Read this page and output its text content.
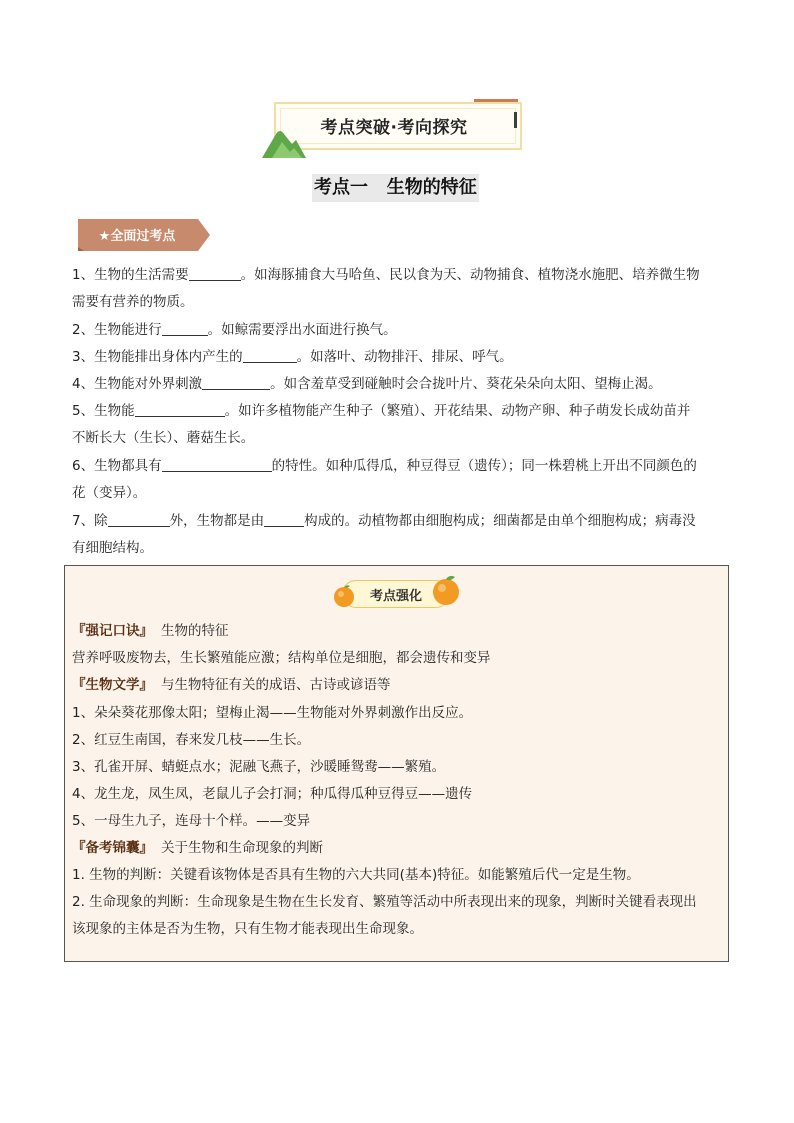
考点突破·考向探究
考点一   生物的特征
★全面过考点
1、生物的生活需要	。如海豚捕食大马哈鱼、民以食为天、动物捕食、植物浇水施肥、培养微生物
需要有营养的物质。
2、生物能进行	。如鲸需要浮出水面进行换气。
3、生物能排出身体内产生的	。如落叶、动物排汗、排尿、呼气。
4、生物能对外界刺激	。如含羞草受到碰触时会合拢叶片、葵花朵朵向太阳、望梅止渴。
5、生物能	。如许多植物能产生种子（繁殖）、开花结果、动物产卵、种子萌发长成幼苗并
不断长大（生长）、蘑菇生长。
6、生物都具有	的特性。如种瓜得瓜，种豆得豆（遗传）；同一株碧桃上开出不同颜色的
花（变异）。
7、除	外，生物都是由	构成的。动植物都由细胞构成；细菌都是由单个细胞构成；病毒没
有细胞结构。
考点强化
『强记口诀』 生物的特征
营养呼吸废物去，生长繁殖能应激；结构单位是细胞，都会遗传和变异
『生物文学』 与生物特征有关的成语、古诗或谚语等
1、朵朵葵花那像太阳；望梅止渴——生物能对外界刺激作出反应。
2、红豆生南国，春来发几枝——生长。
3、孔雀开屏、蜻蜓点水；泥融飞燕子，沙暖睡鸳鸯——繁殖。
4、龙生龙，凤生凤，老鼠儿子会打洞；种瓜得瓜种豆得豆——遗传
5、一母生九子，连母十个样。——变异
『备考锦囊』 关于生物和生命现象的判断
1. 生物的判断：关键看该物体是否具有生物的六大共同(基本)特征。如能繁殖后代一定是生物。
2. 生命现象的判断：生命现象是生物在生长发育、繁殖等活动中所表现出来的现象，判断时关键看表现出
该现象的主体是否为生物，只有生物才能表现出生命现象。
